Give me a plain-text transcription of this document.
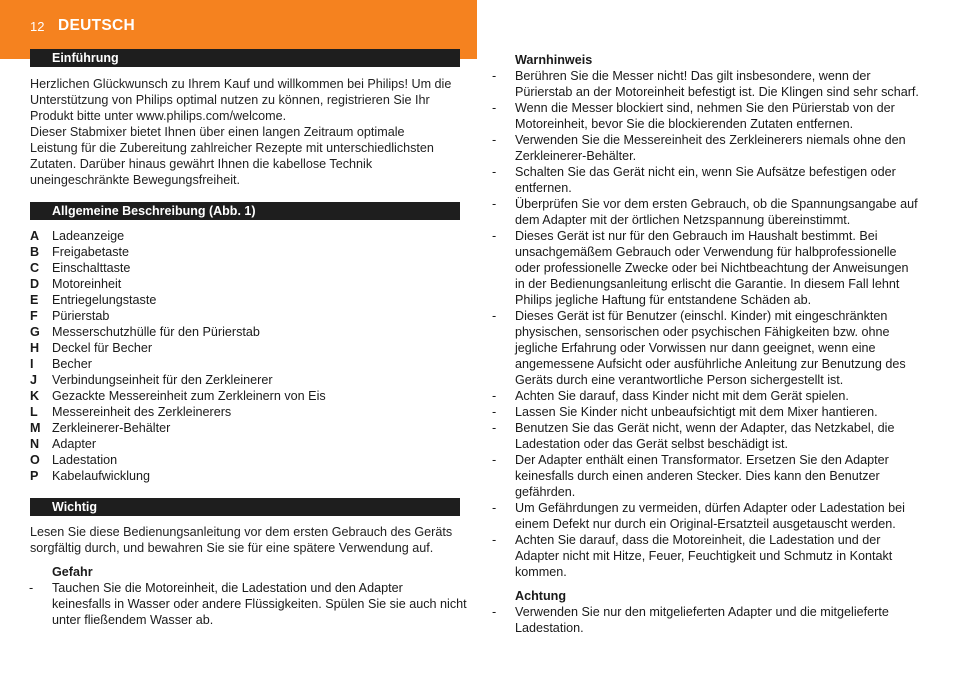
12 DEUTSCH
Einführung
Herzlichen Glückwunsch zu Ihrem Kauf und willkommen bei Philips! Um die
Unterstützung von Philips optimal nutzen zu können, registrieren Sie Ihr
Produkt bitte unter www.philips.com/welcome.
Dieser Stabmixer bietet Ihnen über einen langen Zeitraum optimale
Leistung für die Zubereitung zahlreicher Rezepte mit unterschiedlichsten
Zutaten. Darüber hinaus gewährt Ihnen die kabellose Technik
uneingeschränkte Bewegungsfreiheit.
Allgemeine Beschreibung (Abb. 1)
A Ladeanzeige
B Freigabetaste
C Einschalttaste
D Motoreinheit
E Entriegelungstaste
F Pürierstab
G Messerschutzhülle für den Pürierstab
H Deckel für Becher
I Becher
J Verbindungseinheit für den Zerkleinerer
K Gezackte Messereinheit zum Zerkleinern von Eis
L Messereinheit des Zerkleinerers
M Zerkleinerer-Behälter
N Adapter
O Ladestation
P Kabelaufwicklung
Wichtig
Lesen Sie diese Bedienungsanleitung vor dem ersten Gebrauch des Geräts
sorgfältig durch, und bewahren Sie sie für eine spätere Verwendung auf.
Gefahr
- Tauchen Sie die Motoreinheit, die Ladestation und den Adapter
keinesfalls in Wasser oder andere Flüssigkeiten. Spülen Sie sie auch nicht
unter fließendem Wasser ab.
Warnhinweis
- Berühren Sie die Messer nicht! Das gilt insbesondere, wenn der
Pürierstab an der Motoreinheit befestigt ist. Die Klingen sind sehr scharf.
- Wenn die Messer blockiert sind, nehmen Sie den Pürierstab von der
Motoreinheit, bevor Sie die blockierenden Zutaten entfernen.
- Verwenden Sie die Messereinheit des Zerkleinerers niemals ohne den
Zerkleinerer-Behälter.
- Schalten Sie das Gerät nicht ein, wenn Sie Aufsätze befestigen oder
entfernen.
- Überprüfen Sie vor dem ersten Gebrauch, ob die Spannungsangabe auf
dem Adapter mit der örtlichen Netzspannung übereinstimmt.
- Dieses Gerät ist nur für den Gebrauch im Haushalt bestimmt. Bei
unsachgemäßem Gebrauch oder Verwendung für halbprofessionelle
oder professionelle Zwecke oder bei Nichtbeachtung der Anweisungen
in der Bedienungsanleitung erlischt die Garantie. In diesem Fall lehnt
Philips jegliche Haftung für entstandene Schäden ab.
- Dieses Gerät ist für Benutzer (einschl. Kinder) mit eingeschränkten
physischen, sensorischen oder psychischen Fähigkeiten bzw. ohne
jegliche Erfahrung oder Vorwissen nur dann geeignet, wenn eine
angemessene Aufsicht oder ausführliche Anleitung zur Benutzung des
Geräts durch eine verantwortliche Person sichergestellt ist.
- Achten Sie darauf, dass Kinder nicht mit dem Gerät spielen.
- Lassen Sie Kinder nicht unbeaufsichtigt mit dem Mixer hantieren.
- Benutzen Sie das Gerät nicht, wenn der Adapter, das Netzkabel, die
Ladestation oder das Gerät selbst beschädigt ist.
- Der Adapter enthält einen Transformator. Ersetzen Sie den Adapter
keinesfalls durch einen anderen Stecker. Dies kann den Benutzer
gefährden.
- Um Gefährdungen zu vermeiden, dürfen Adapter oder Ladestation bei
einem Defekt nur durch ein Original-Ersatzteil ausgetauscht werden.
- Achten Sie darauf, dass die Motoreinheit, die Ladestation und der
Adapter nicht mit Hitze, Feuer, Feuchtigkeit und Schmutz in Kontakt
kommen.
Achtung
- Verwenden Sie nur den mitgelieferten Adapter und die mitgelieferte
Ladestation.
